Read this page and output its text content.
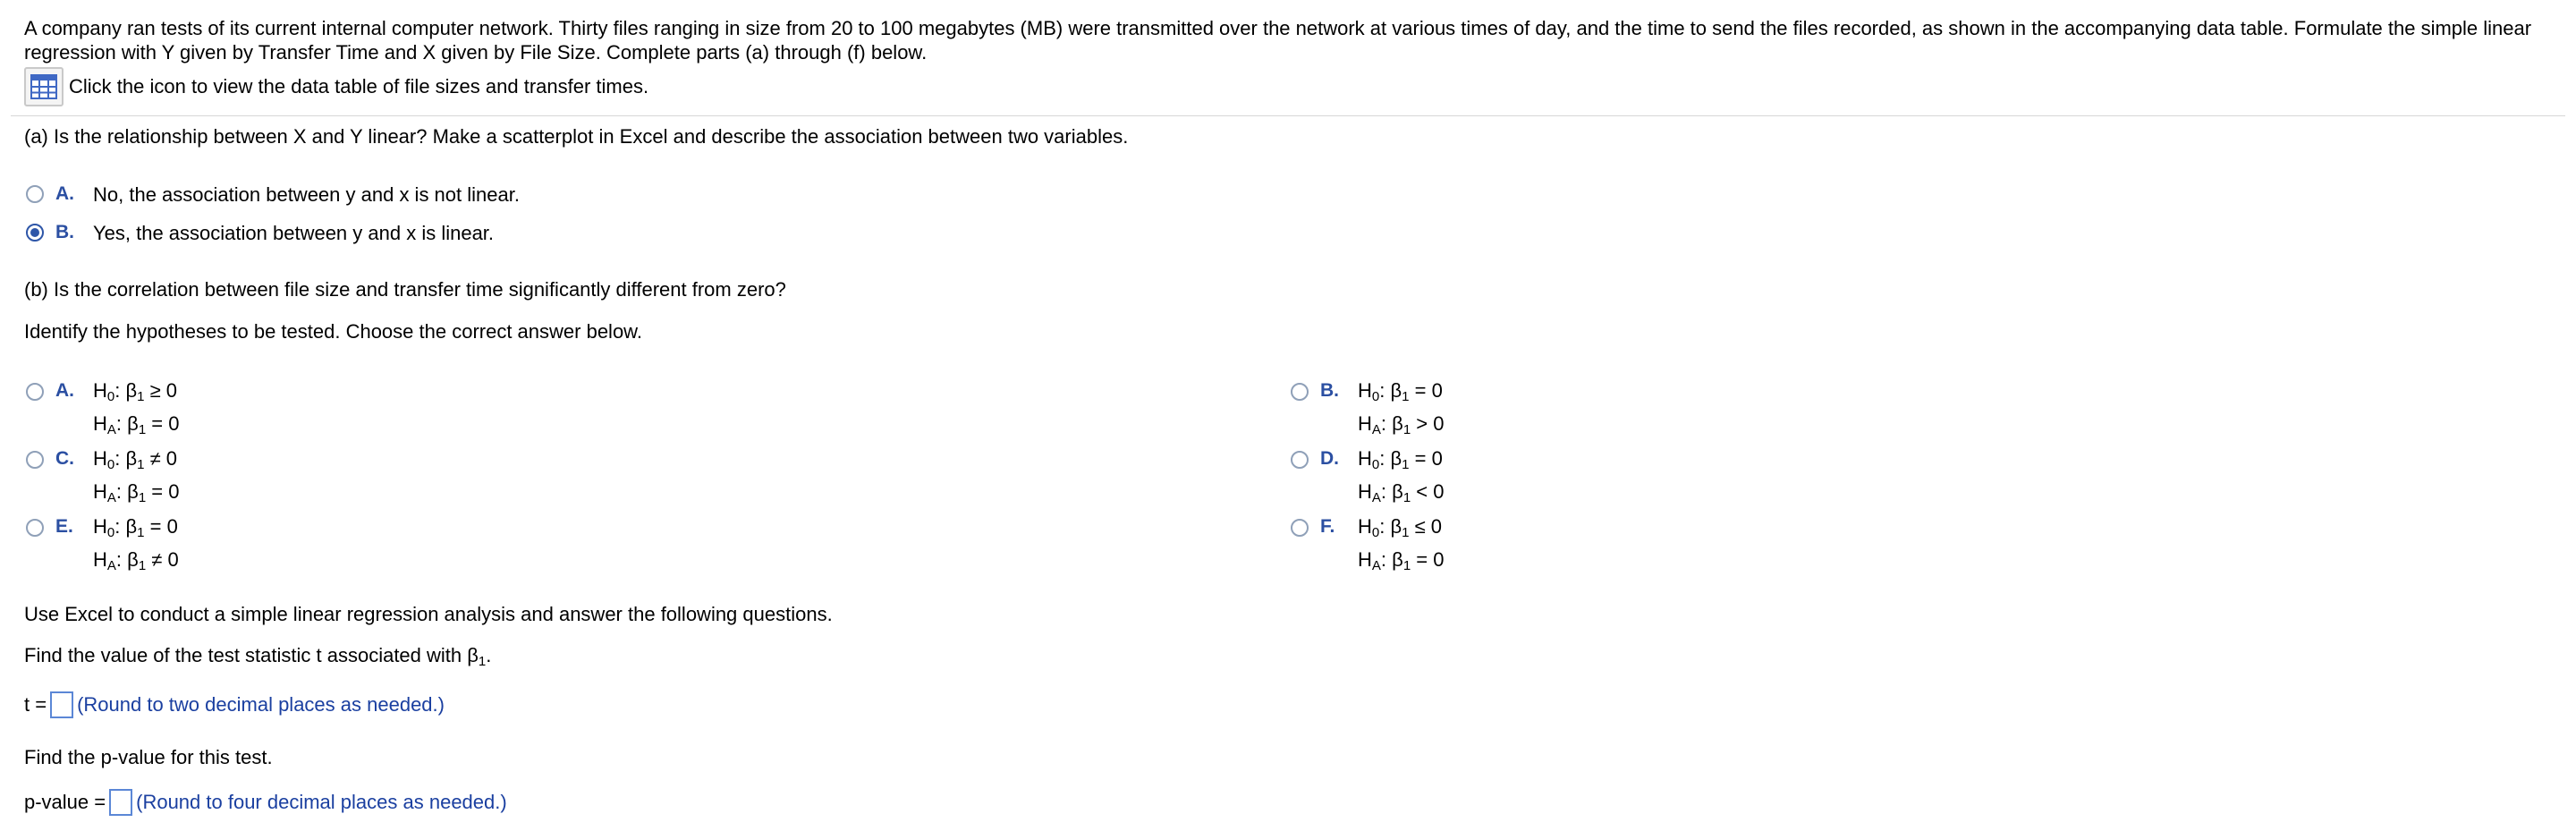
A company ran tests of its current internal computer network. Thirty files ranging in size from 20 to 100 megabytes (MB) were transmitted over the network at various times of day, and the time to send the files recorded, as shown in the accompanying data table. Formulate the simple linear regression with Y given by Transfer Time and X given by File Size. Complete parts (a) through (f) below.
Click the icon to view the data table of file sizes and transfer times.
(a) Is the relationship between X and Y linear? Make a scatterplot in Excel and describe the association between two variables.
A. No, the association between y and x is not linear.
B. Yes, the association between y and x is linear.
(b) Is the correlation between file size and transfer time significantly different from zero?
Identify the hypotheses to be tested. Choose the correct answer below.
A. $H_0$: $\beta_1 \ge 0$
$H_A$: $\beta_1 = 0$
B. $H_0$: $\beta_1 = 0$
$H_A$: $\beta_1 > 0$
C. $H_0$: $\beta_1 \ne 0$
$H_A$: $\beta_1 = 0$
D. $H_0$: $\beta_1 = 0$
$H_A$: $\beta_1 < 0$
E. $H_0$: $\beta_1 = 0$
$H_A$: $\beta_1 \ne 0$
F. $H_0$: $\beta_1 \le 0$
$H_A$: $\beta_1 = 0$
Use Excel to conduct a simple linear regression analysis and answer the following questions.
Find the value of the test statistic t associated with $\beta_1$.
t = (Round to two decimal places as needed.)
Find the p-value for this test.
p-value = (Round to four decimal places as needed.)
